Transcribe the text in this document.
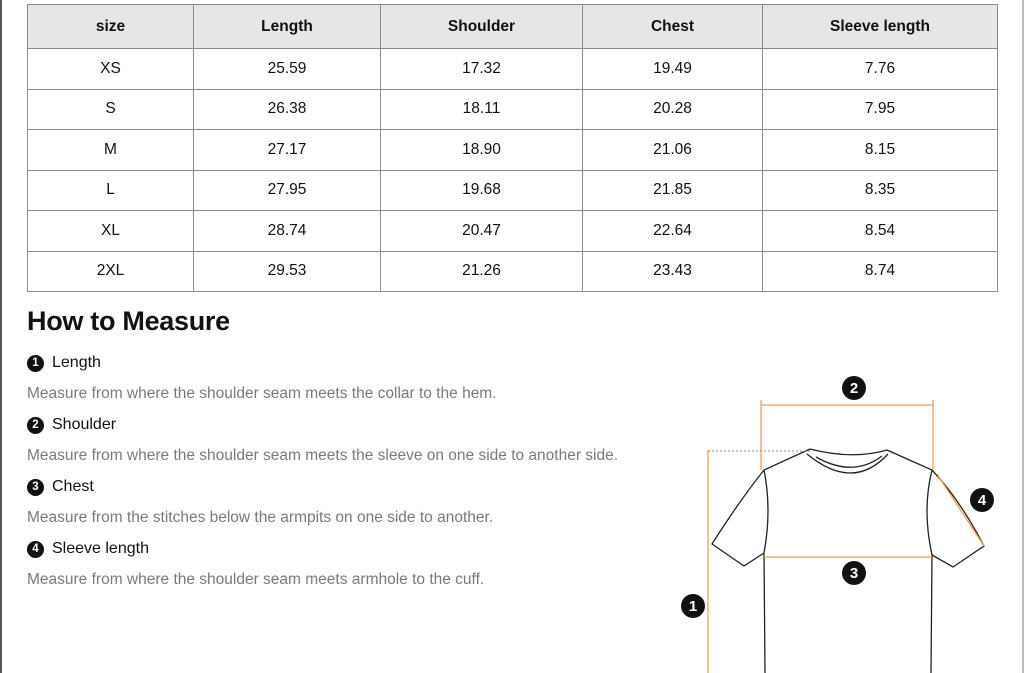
size	Length	Shoulder	Chest	Sleeve length
XS	25.59	17.32	19.49	7.76
S	26.38	18.11	20.28	7.95
M	27.17	18.90	21.06	8.15
L	27.95	19.68	21.85	8.35
XL	28.74	20.47	22.64	8.54
2XL	29.53	21.26	23.43	8.74
How to Measure
1 Length
Measure from where the shoulder seam meets the collar to the hem.
2 Shoulder
Measure from where the shoulder seam meets the sleeve on one side to another side.
3 Chest
Measure from the stitches below the armpits on one side to another.
4 Sleeve length
Measure from where the shoulder seam meets armhole to the cuff.
2
4
3
1
